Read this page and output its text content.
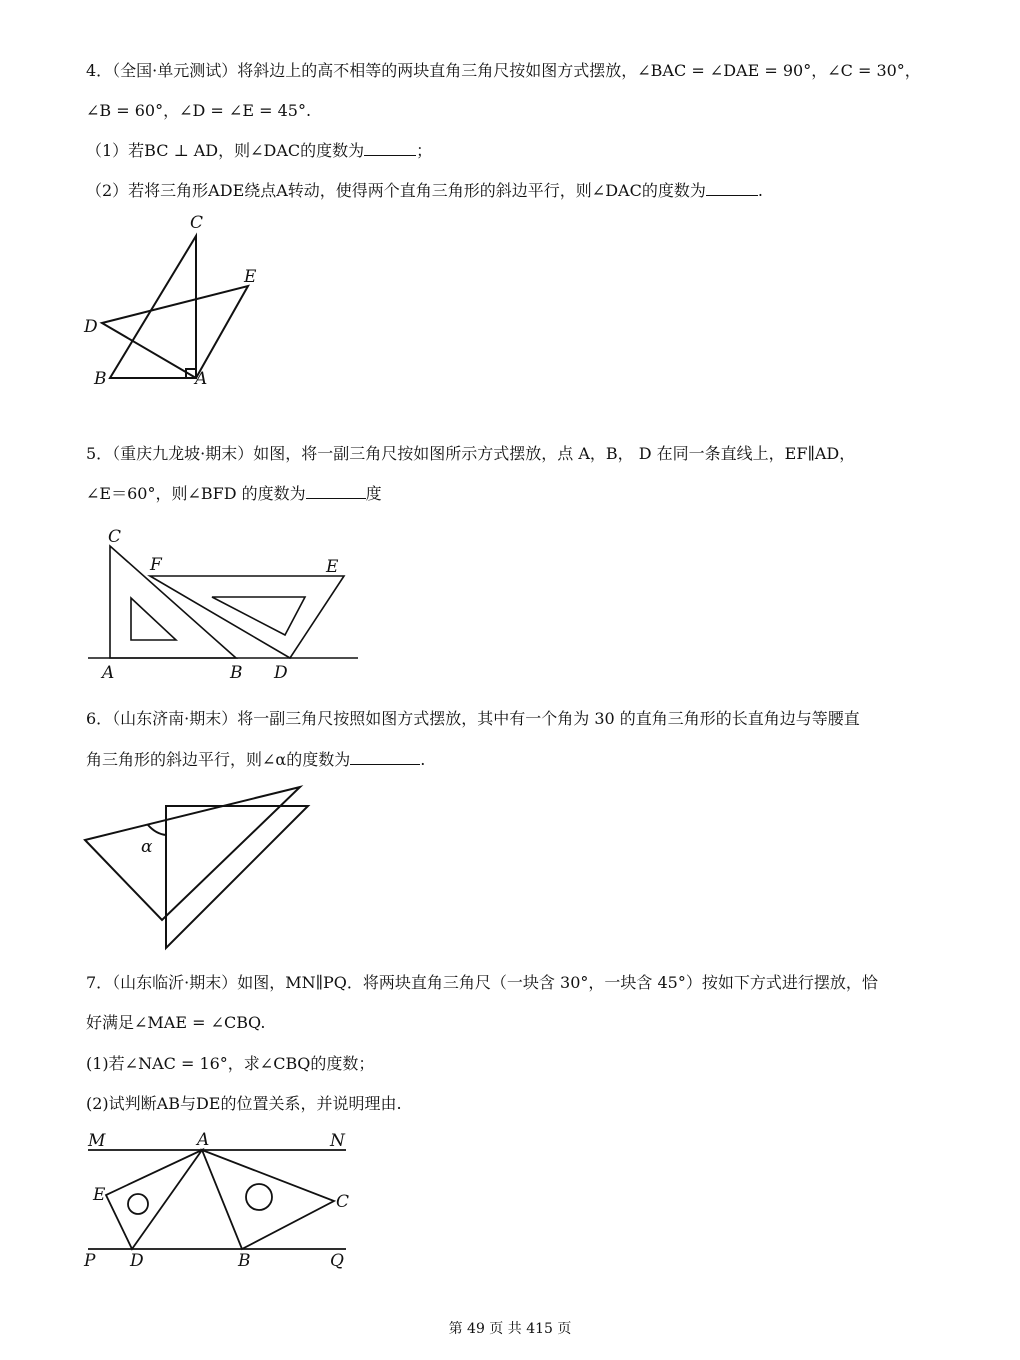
4．（全国·单元测试）将斜边上的高不相等的两块直角三角尺按如图方式摆放，∠BAC = ∠DAE = 90°，∠C = 30°，
∠B = 60°，∠D = ∠E = 45°.
（1）若BC ⊥ AD，则∠DAC的度数为	；
（2）若将三角形ADE绕点A转动，使得两个直角三角形的斜边平行，则∠DAC的度数为	.
C
E
D
B	A
5．（重庆九龙坡·期末）如图，将一副三角尺按如图所示方式摆放，点 A，B， D 在同一条直线上，EF∥AD，
∠E＝60°，则∠BFD 的度数为	度
C
F	E
A	B D
6．（山东济南·期末）将一副三角尺按照如图方式摆放，其中有一个角为 30 的直角三角形的长直角边与等腰直
角三角形的斜边平行，则∠α的度数为	.
α
7．（山东临沂·期末）如图，MN∥PQ．将两块直角三角尺（一块含 30°，一块含 45°）按如下方式进行摆放，恰
好满足∠MAE = ∠CBQ.
(1)若∠NAC = 16°，求∠CBQ的度数；
(2)试判断AB与DE的位置关系，并说明理由.
M	A	N
E	C
P D	B	Q
第 49 页 共 415 页
